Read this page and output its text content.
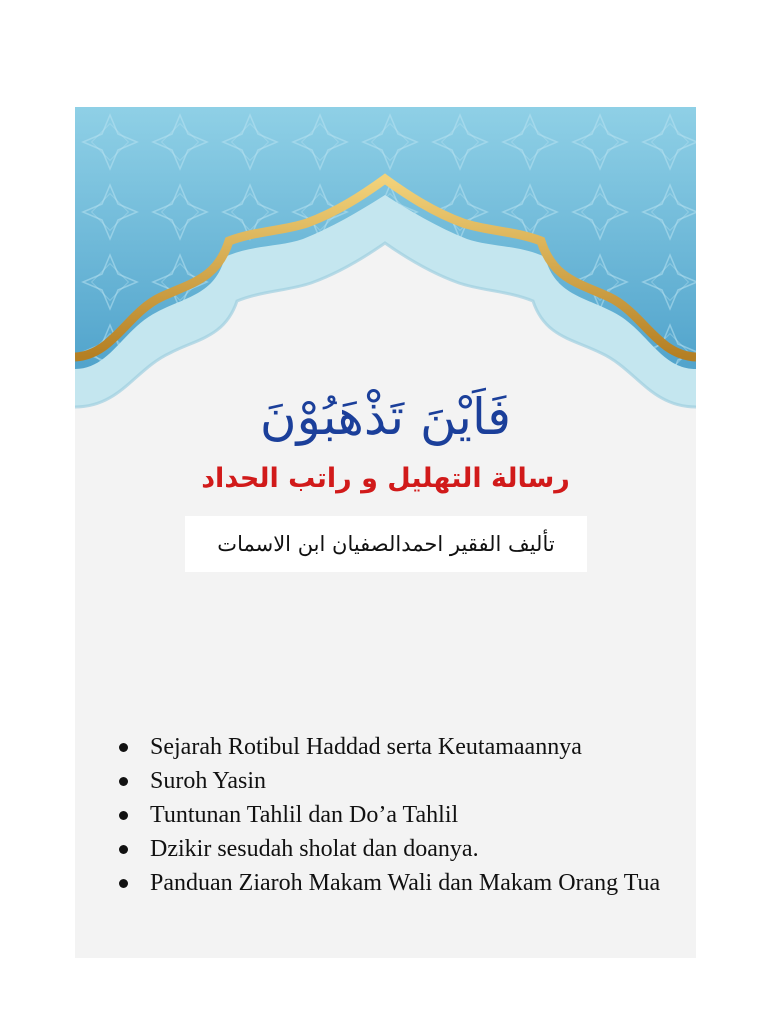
فَاَيْنَ تَذْهَبُوْنَ
رسالة التهليل و راتب الحداد
تأليف الفقير احمدالصفيان ابن الاسمات
Sejarah Rotibul Haddad serta Keutamaannya
Suroh Yasin
Tuntunan Tahlil dan Do’a Tahlil
Dzikir sesudah sholat dan doanya.
Panduan Ziaroh Makam Wali dan Makam Orang Tua
